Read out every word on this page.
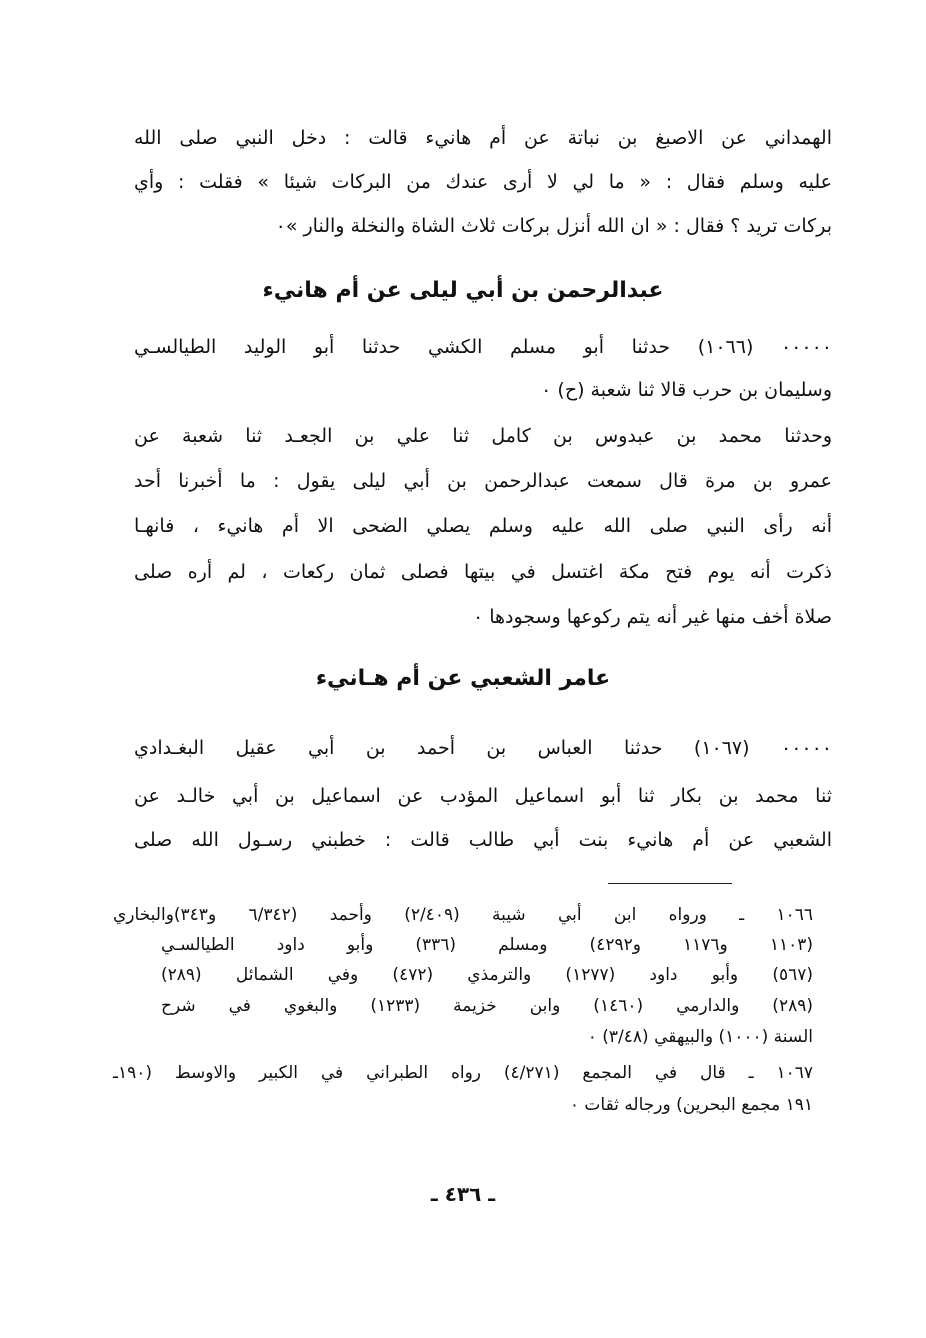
الهمداني عن الاصبغ بن نباتة عن أم هانيء قالت : دخل النبي صلى الله
عليه وسلم فقال : « ما لي لا أرى عندك من البركات شيئا » فقلت : وأي
بركات تريد ؟ فقال : « ان الله أنزل بركات ثلاث الشاة والنخلة والنار »٠
عبدالرحمن بن أبي ليلى عن أم هانيء
٠٠٠٠٠ (١٠٦٦) حدثنا أبو مسلم الكشي حدثنا أبو الوليد الطيالسـي
وسليمان بن حرب قالا ثنا شعبة (ح) ٠
وحدثنا محمد بن عبدوس بن كامل ثنا علي بن الجعـد ثنا شعبة عن
عمرو بن مرة قال سمعت عبدالرحمن بن أبي ليلى يقول : ما أخبرنا أحد
أنه رأى النبي صلى الله عليه وسلم يصلي الضحى الا أم هانيء ، فانهـا
ذكرت أنه يوم فتح مكة اغتسل في بيتها فصلى ثمان ركعات ، لم أره صلى
صلاة أخف منها غير أنه يتم ركوعها وسجودها ٠
عامر الشعبي عن أم هـانيء
٠٠٠٠٠ (١٠٦٧) حدثنا العباس بن أحمد بن أبي عقيل البغـدادي
ثنا محمد بن بكار ثنا أبو اسماعيل المؤدب عن اسماعيل بن أبي خالـد عن
الشعبي عن أم هانيء بنت أبي طالب قالت : خطبني رسـول الله صلى
١٠٦٦ ـ ورواه ابن أبي شيبة (٢/٤٠٩) وأحمد (٦/٣٤٢ و٣٤٣)والبخاري
(١١٠٣ و١١٧٦ و٤٢٩٢) ومسلم (٣٣٦) وأبو داود الطيالسـي
(٥٦٧) وأبو داود (١٢٧٧) والترمذي (٤٧٢) وفي الشمائل (٢٨٩)
(٢٨٩) والدارمي (١٤٦٠) وابن خزيمة (١٢٣٣) والبغوي في شرح
السنة (١٠٠٠) والبيهقي (٣/٤٨) ٠
١٠٦٧ ـ قال في المجمع (٤/٢٧١) رواه الطبراني في الكبير والاوسط (١٩٠ـ
١٩١ مجمع البحرين) ورجاله ثقات ٠
ـ ٤٣٦ ـ
